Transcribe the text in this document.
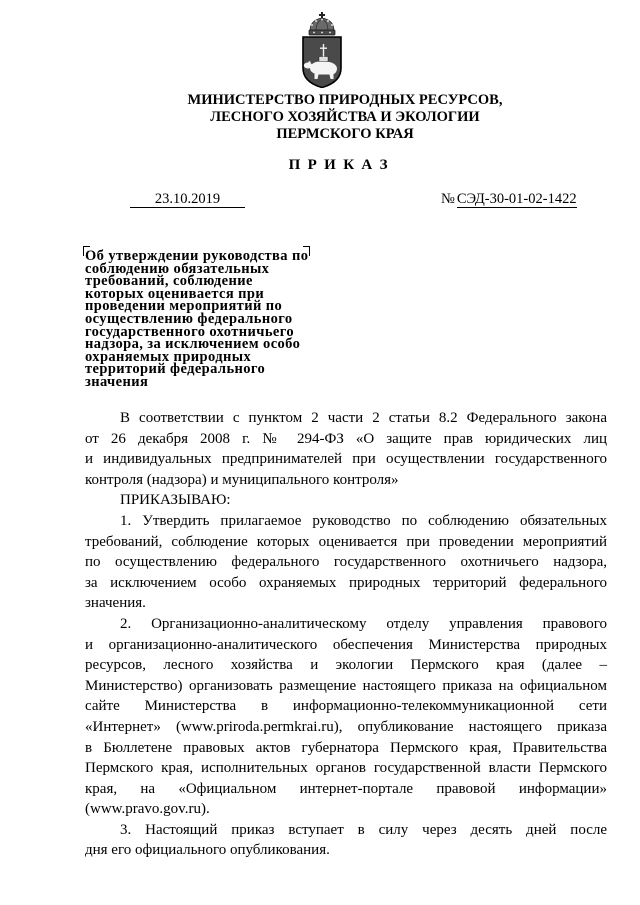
МИНИСТЕРСТВО ПРИРОДНЫХ РЕСУРСОВ,
ЛЕСНОГО ХОЗЯЙСТВА И ЭКОЛОГИИ
ПЕРМСКОГО КРАЯ
П Р И К А З
23.10.2019	№ СЭД-30-01-02-1422
Об утверждении руководства по
соблюдению обязательных
требований, соблюдение
которых оценивается при
проведении мероприятий по
осуществлению федерального
государственного охотничьего
надзора, за исключением особо
охраняемых природных
территорий федерального
значения
В соответствии с пунктом 2 части 2 статьи 8.2 Федерального закона
от 26 декабря 2008 г. № 294-ФЗ «О защите прав юридических лиц
и индивидуальных предпринимателей при осуществлении государственного
контроля (надзора) и муниципального контроля»
ПРИКАЗЫВАЮ:
1. Утвердить прилагаемое руководство по соблюдению обязательных
требований, соблюдение которых оценивается при проведении мероприятий
по осуществлению федерального государственного охотничьего надзора,
за исключением особо охраняемых природных территорий федерального
значения.
2. Организационно-аналитическому отделу управления правового
и организационно-аналитического обеспечения Министерства природных
ресурсов, лесного хозяйства и экологии Пермского края (далее –
Министерство) организовать размещение настоящего приказа на официальном
сайте Министерства в информационно-телекоммуникационной сети
«Интернет» (www.priroda.permkrai.ru), опубликование настоящего приказа
в Бюллетене правовых актов губернатора Пермского края, Правительства
Пермского края, исполнительных органов государственной власти Пермского
края, на «Официальном интернет-портале правовой информации»
(www.pravo.gov.ru).
3. Настоящий приказ вступает в силу через десять дней после
дня его официального опубликования.
